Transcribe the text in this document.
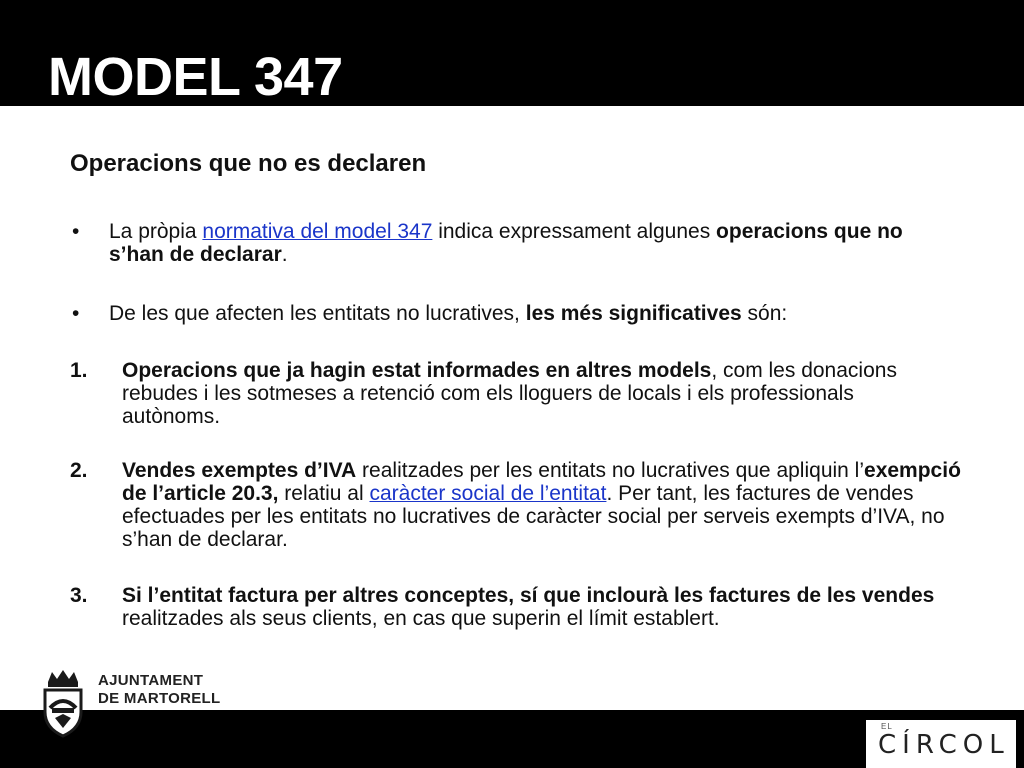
MODEL 347
Operacions que no es declaren
• La pròpia normativa del model 347 indica expressament algunes operacions que no s’han de declarar.
• De les que afecten les entitats no lucratives, les més significatives són:
1. Operacions que ja hagin estat informades en altres models, com les donacions rebudes i les sotmeses a retenció com els lloguers de locals i els professionals autònoms.
2. Vendes exemptes d’IVA realitzades per les entitats no lucratives que apliquin l’exempció de l’article 20.3, relatiu al caràcter social de l’entitat. Per tant, les factures de vendes efectuades per les entitats no lucratives de caràcter social per serveis exempts d’IVA, no s’han de declarar.
3. Si l’entitat factura per altres conceptes, sí que inclourà les factures de les vendes realitzades als seus clients, en cas que superin el límit establert.
AJUNTAMENT
DE MARTORELL
EL
CÍRCOL
